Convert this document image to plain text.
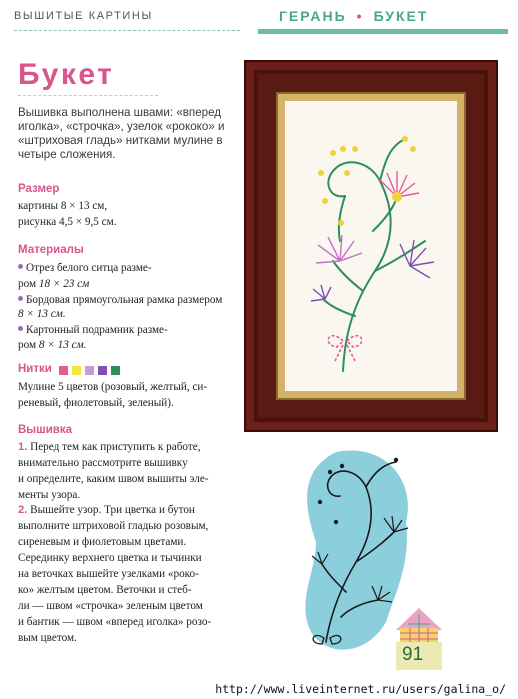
ВЫШИТЫЕ КАРТИНЫ	ГЕРАНЬ • БУКЕТ
Букет
Вышивка выполнена швами: «вперед иголка», «строчка», узелок «рококо» и «штриховая гладь» нитками мулине в четыре сложения.
Размер
картины 8 × 13 см,
рисунка 4,5 × 9,5 см.
Материалы
Отрез белого ситца разме-
ром 18 × 23 см
Бордовая прямоугольная рамка размером
8 × 13 см.
Картонный подрамник разме-
ром 8 × 13 см.
Нитки
Мулине 5 цветов (розовый, желтый, си-
реневый, фиолетовый, зеленый).
Вышивка
1. Перед тем как приступить к работе,
внимательно рассмотрите вышивку
и определите, каким швом вышиты эле-
менты узора.
2. Вышейте узор. Три цветка и бутон
выполните штриховой гладью розовым,
сиреневым и фиолетовым цветами.
Серединку верхнего цветка и тычинки
на веточках вышейте узелками «роко-
ко» желтым цветом. Веточки и стеб-
ли — швом «строчка» зеленым цветом
и бантик — швом «вперед иголка» розо-
вым цветом.
91
http://www.liveinternet.ru/users/galina_o/
